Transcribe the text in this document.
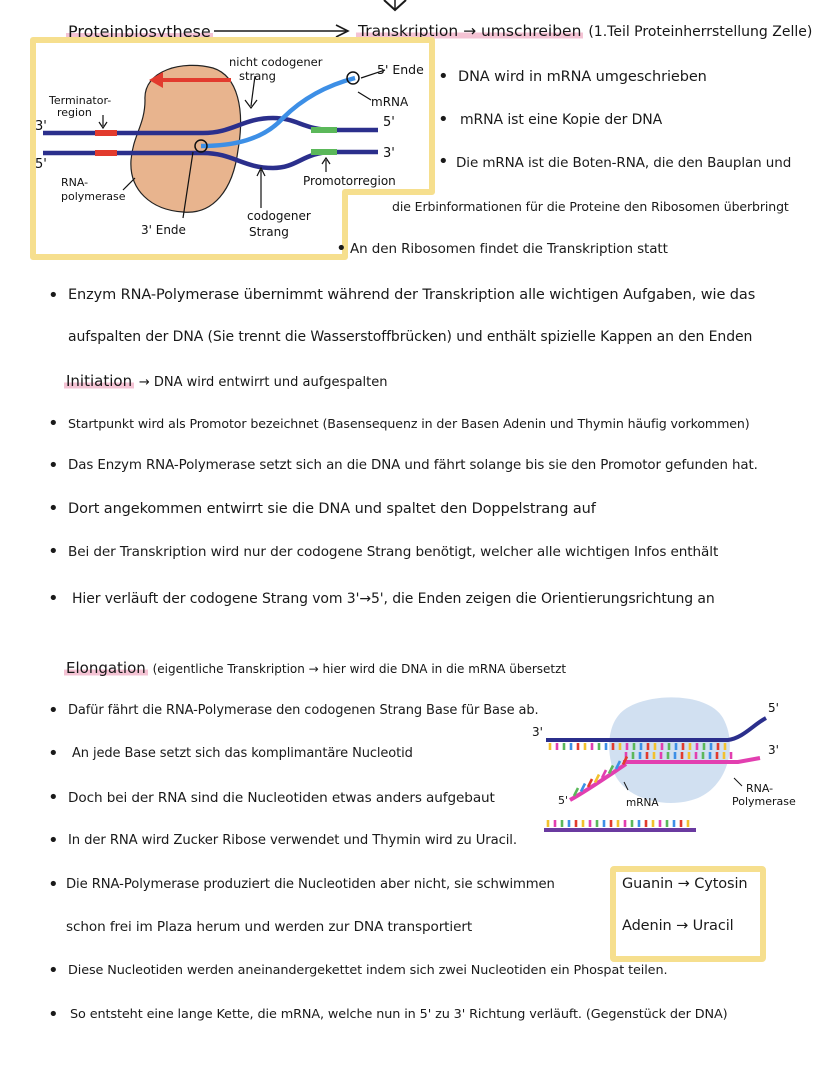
Proteinbiosythese	Transkription → umschreiben (1.Teil Proteinherrstellung Zelle)
nicht codogener
strang	5' Ende
mRNA
Terminator-
region
3'
5'
5'
3'
RNA-
polymerase
Promotorregion
3' Ende
codogener
Strang
• DNA wird in mRNA umgeschrieben
• mRNA ist eine Kopie der DNA
• Die mRNA ist die Boten-RNA, die den Bauplan und
die Erbinformationen für die Proteine den Ribosomen überbringt
• An den Ribosomen findet die Transkription statt
• Enzym RNA-Polymerase übernimmt während der Transkription alle wichtigen Aufgaben, wie das
aufspalten der DNA (Sie trennt die Wasserstoffbrücken) und enthält spizielle Kappen an den Enden
Initiation → DNA wird entwirrt und aufgespalten
• Startpunkt wird als Promotor bezeichnet (Basensequenz in der Basen Adenin und Thymin häufig vorkommen)
• Das Enzym RNA-Polymerase setzt sich an die DNA und fährt solange bis sie den Promotor gefunden hat.
• Dort angekommen entwirrt sie die DNA und spaltet den Doppelstrang auf
• Bei der Transkription wird nur der codogene Strang benötigt, welcher alle wichtigen Infos enthält
• Hier verläuft der codogene Strang vom 3'→5', die Enden zeigen die Orientierungsrichtung an
Elongation (eigentliche Transkription → hier wird die DNA in die mRNA übersetzt
• Dafür fährt die RNA-Polymerase den codogenen Strang Base für Base ab.
• An jede Base setzt sich das komplimantäre Nucleotid
• Doch bei der RNA sind die Nucleotiden etwas anders aufgebaut
• In der RNA wird Zucker Ribose verwendet und Thymin wird zu Uracil.
• Die RNA-Polymerase produziert die Nucleotiden aber nicht, sie schwimmen
schon frei im Plaza herum und werden zur DNA transportiert
• Diese Nucleotiden werden aneinandergekettet indem sich zwei Nucleotiden ein Phospat teilen.
• So entsteht eine lange Kette, die mRNA, welche nun in 5' zu 3' Richtung verläuft. (Gegenstück der DNA)
Guanin → Cytosin
Adenin → Uracil
3'
5'
3'
5'	mRNA
RNA-
Polymerase
